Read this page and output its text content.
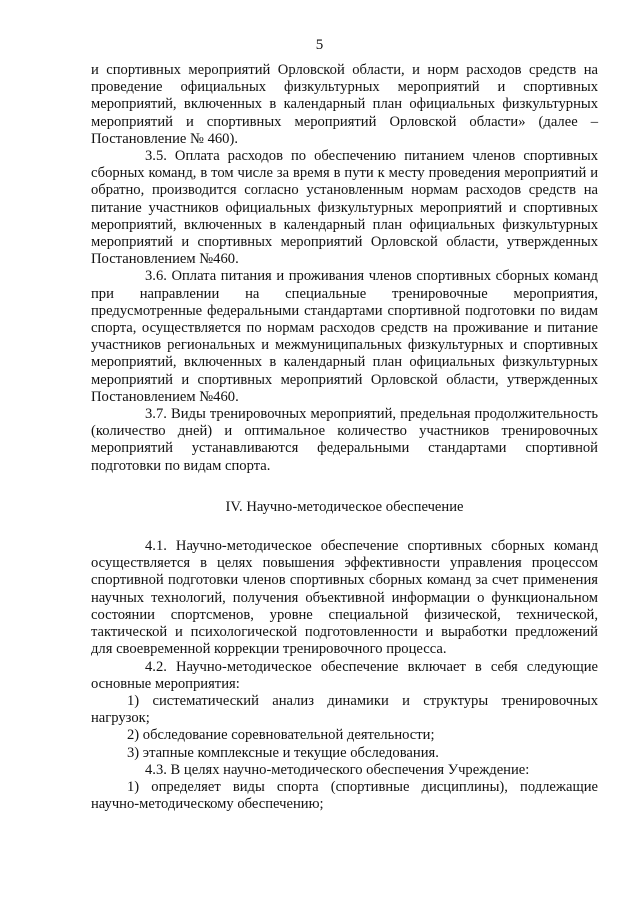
5

и спортивных мероприятий Орловской области, и норм расходов средств на проведение официальных физкультурных мероприятий и спортивных мероприятий, включенных в календарный план официальных физкультурных мероприятий и спортивных мероприятий Орловской области» (далее – Постановление № 460).

3.5. Оплата расходов по обеспечению питанием членов спортивных сборных команд, в том числе за время в пути к месту проведения мероприятий и обратно, производится согласно установленным нормам расходов средств на питание участников официальных физкультурных мероприятий и спортивных мероприятий, включенных в календарный план официальных физкультурных мероприятий и спортивных мероприятий Орловской области, утвержденных Постановлением №460.

3.6. Оплата питания и проживания членов спортивных сборных команд при направлении на специальные тренировочные мероприятия, предусмотренные федеральными стандартами спортивной подготовки по видам спорта, осуществляется по нормам расходов средств на проживание и питание участников региональных и межмуниципальных физкультурных и спортивных мероприятий, включенных в календарный план официальных физкультурных мероприятий и спортивных мероприятий Орловской области, утвержденных Постановлением №460.

3.7. Виды тренировочных мероприятий, предельная продолжительность (количество дней) и оптимальное количество участников тренировочных мероприятий устанавливаются федеральными стандартами спортивной подготовки по видам спорта.

IV. Научно-методическое обеспечение

4.1. Научно-методическое обеспечение спортивных сборных команд осуществляется в целях повышения эффективности управления процессом спортивной подготовки членов спортивных сборных команд за счет применения научных технологий, получения объективной информации о функциональном состоянии спортсменов, уровне специальной физической, технической, тактической и психологической подготовленности и выработки предложений для своевременной коррекции тренировочного процесса.

4.2. Научно-методическое обеспечение включает в себя следующие основные мероприятия:

1) систематический анализ динамики и структуры тренировочных нагрузок;

2) обследование соревновательной деятельности;

3) этапные комплексные и текущие обследования.

4.3. В целях научно-методического обеспечения Учреждение:

1) определяет виды спорта (спортивные дисциплины), подлежащие научно-методическому обеспечению;
